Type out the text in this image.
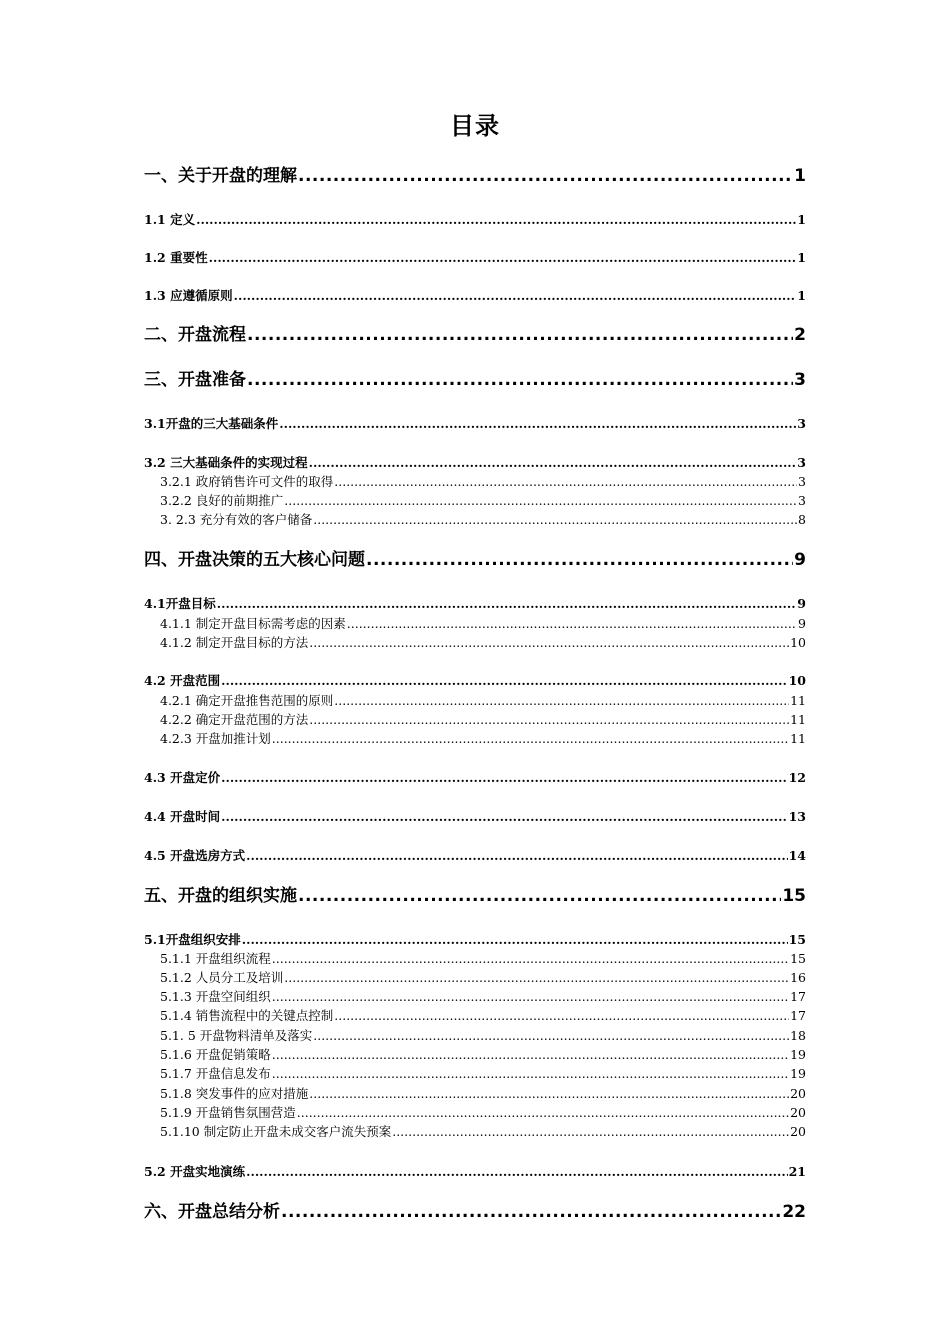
目录
一、关于开盘的理解 .....	1
1.1 定义 .....	1
1.2 重要性 .....	1
1.3 应遵循原则 .....	1
二、开盘流程 .....	2
三、开盘准备 .....	3
3.1开盘的三大基础条件 .....	3
3.2 三大基础条件的实现过程 .....	3
3.2.1 政府销售许可文件的取得 .....	3
3.2.2 良好的前期推广 .....	3
3. 2.3 充分有效的客户储备 .....	8
四、开盘决策的五大核心问题 .....	9
4.1开盘目标 .....	9
4.1.1 制定开盘目标需考虑的因素 .....	9
4.1.2 制定开盘目标的方法 .....	10
4.2 开盘范围 .....	10
4.2.1 确定开盘推售范围的原则 .....	11
4.2.2 确定开盘范围的方法 .....	11
4.2.3 开盘加推计划 .....	11
4.3 开盘定价 .....	12
4.4 开盘时间 .....	13
4.5 开盘选房方式 .....	14
五、开盘的组织实施 .....	15
5.1开盘组织安排 .....	15
5.1.1 开盘组织流程 .....	15
5.1.2 人员分工及培训 .....	16
5.1.3 开盘空间组织 .....	17
5.1.4 销售流程中的关键点控制 .....	17
5.1. 5 开盘物料清单及落实 .....	18
5.1.6 开盘促销策略 .....	19
5.1.7 开盘信息发布 .....	19
5.1.8 突发事件的应对措施 .....	20
5.1.9 开盘销售氛围营造 .....	20
5.1.10 制定防止开盘未成交客户流失预案 .....	20
5.2 开盘实地演练 .....	21
六、开盘总结分析 .....	22
